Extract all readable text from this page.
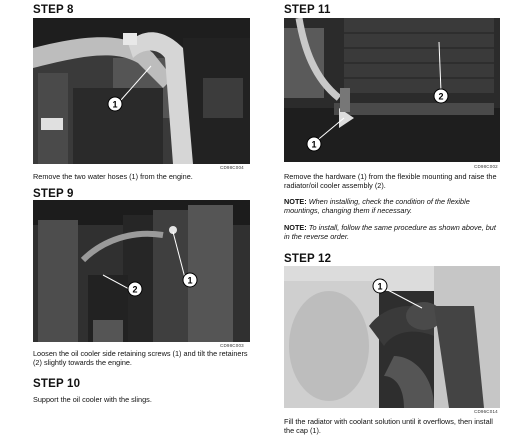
STEP 8
1
CD98C004
Remove the two water hoses (1) from the engine.
STEP 9
2
1
CD98C003
Loosen the oil cooler side retaining screws (1) and tilt the retainers (2) slightly towards the engine.
STEP 10
Support the oil cooler with the slings.
STEP 11
1
2
CD98C002
Remove the hardware (1) from the flexible mounting and raise the radiator/oil cooler assembly (2).
NOTE: When installing, check the condition of the flexible mountings, changing them if necessary.
NOTE: To install, follow the same procedure as shown above, but in the reverse order.
STEP 12
1
CD96C014
Fill the radiator with coolant solution until it overflows, then install the cap (1).
